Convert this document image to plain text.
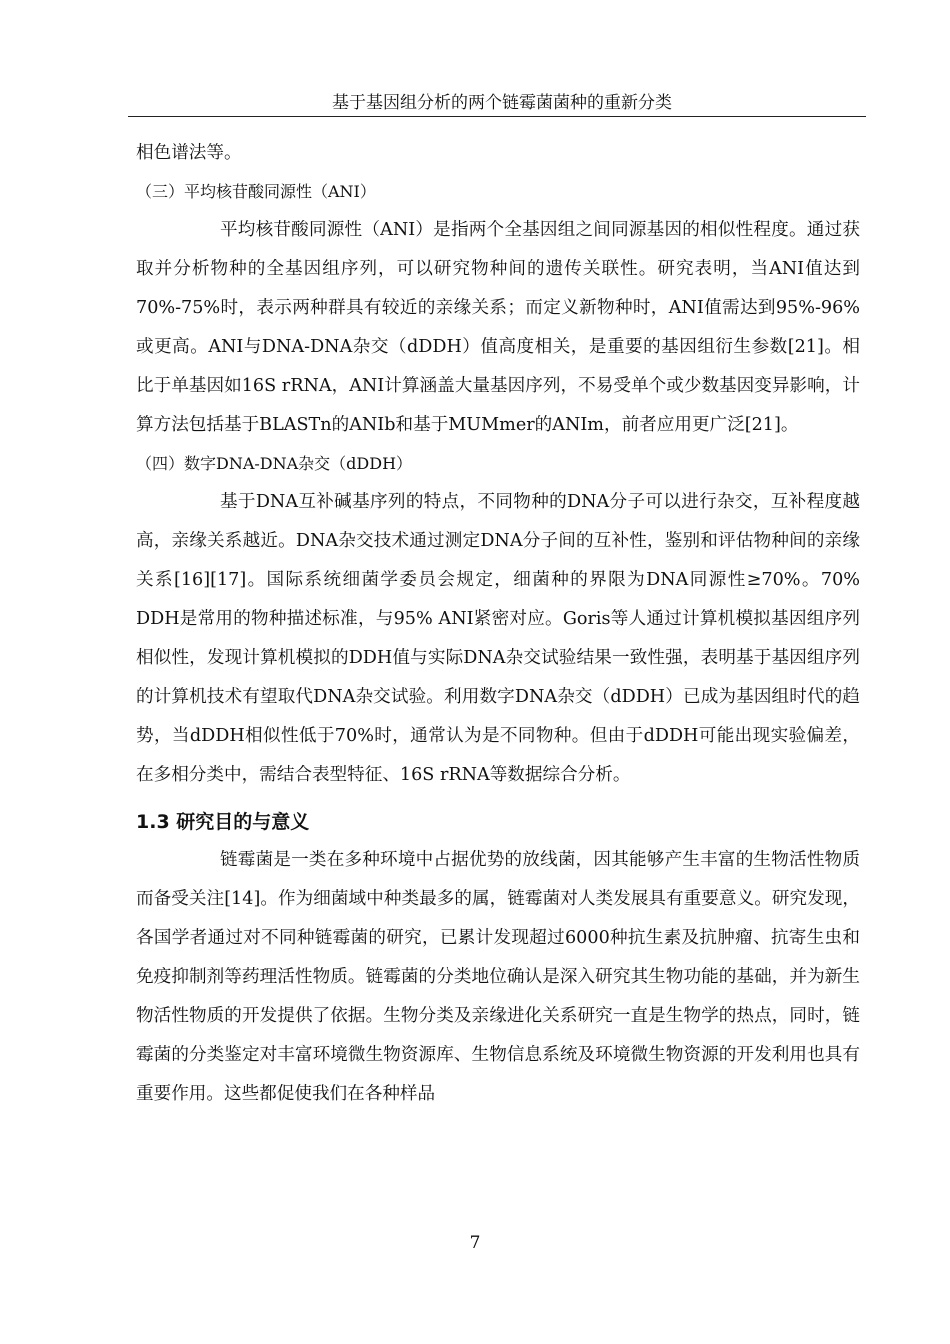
基于基因组分析的两个链霉菌菌种的重新分类

相色谱法等。

（三）平均核苷酸同源性（ANI）

平均核苷酸同源性（ANI）是指两个全基因组之间同源基因的相似性程度。通过获取并分析物种的全基因组序列，可以研究物种间的遗传关联性。研究表明，当ANI值达到70%-75%时，表示两种群具有较近的亲缘关系；而定义新物种时，ANI值需达到95%-96%或更高。ANI与DNA-DNA杂交（dDDH）值高度相关，是重要的基因组衍生参数[21]。相比于单基因如16S rRNA，ANI计算涵盖大量基因序列，不易受单个或少数基因变异影响，计算方法包括基于BLASTn的ANIb和基于MUMmer的ANIm，前者应用更广泛[21]。

（四）数字DNA-DNA杂交（dDDH）

基于DNA互补碱基序列的特点，不同物种的DNA分子可以进行杂交，互补程度越高，亲缘关系越近。DNA杂交技术通过测定DNA分子间的互补性，鉴别和评估物种间的亲缘关系[16][17]。国际系统细菌学委员会规定，细菌种的界限为DNA同源性≥70%。70% DDH是常用的物种描述标准，与95% ANI紧密对应。Goris等人通过计算机模拟基因组序列相似性，发现计算机模拟的DDH值与实际DNA杂交试验结果一致性强，表明基于基因组序列的计算机技术有望取代DNA杂交试验。利用数字DNA杂交（dDDH）已成为基因组时代的趋势，当dDDH相似性低于70%时，通常认为是不同物种。但由于dDDH可能出现实验偏差，在多相分类中，需结合表型特征、16S rRNA等数据综合分析。

1.3 研究目的与意义

链霉菌是一类在多种环境中占据优势的放线菌，因其能够产生丰富的生物活性物质而备受关注[14]。作为细菌域中种类最多的属，链霉菌对人类发展具有重要意义。研究发现，各国学者通过对不同种链霉菌的研究，已累计发现超过6000种抗生素及抗肿瘤、抗寄生虫和免疫抑制剂等药理活性物质。链霉菌的分类地位确认是深入研究其生物功能的基础，并为新生物活性物质的开发提供了依据。生物分类及亲缘进化关系研究一直是生物学的热点，同时，链霉菌的分类鉴定对丰富环境微生物资源库、生物信息系统及环境微生物资源的开发利用也具有重要作用。这些都促使我们在各种样品

7
